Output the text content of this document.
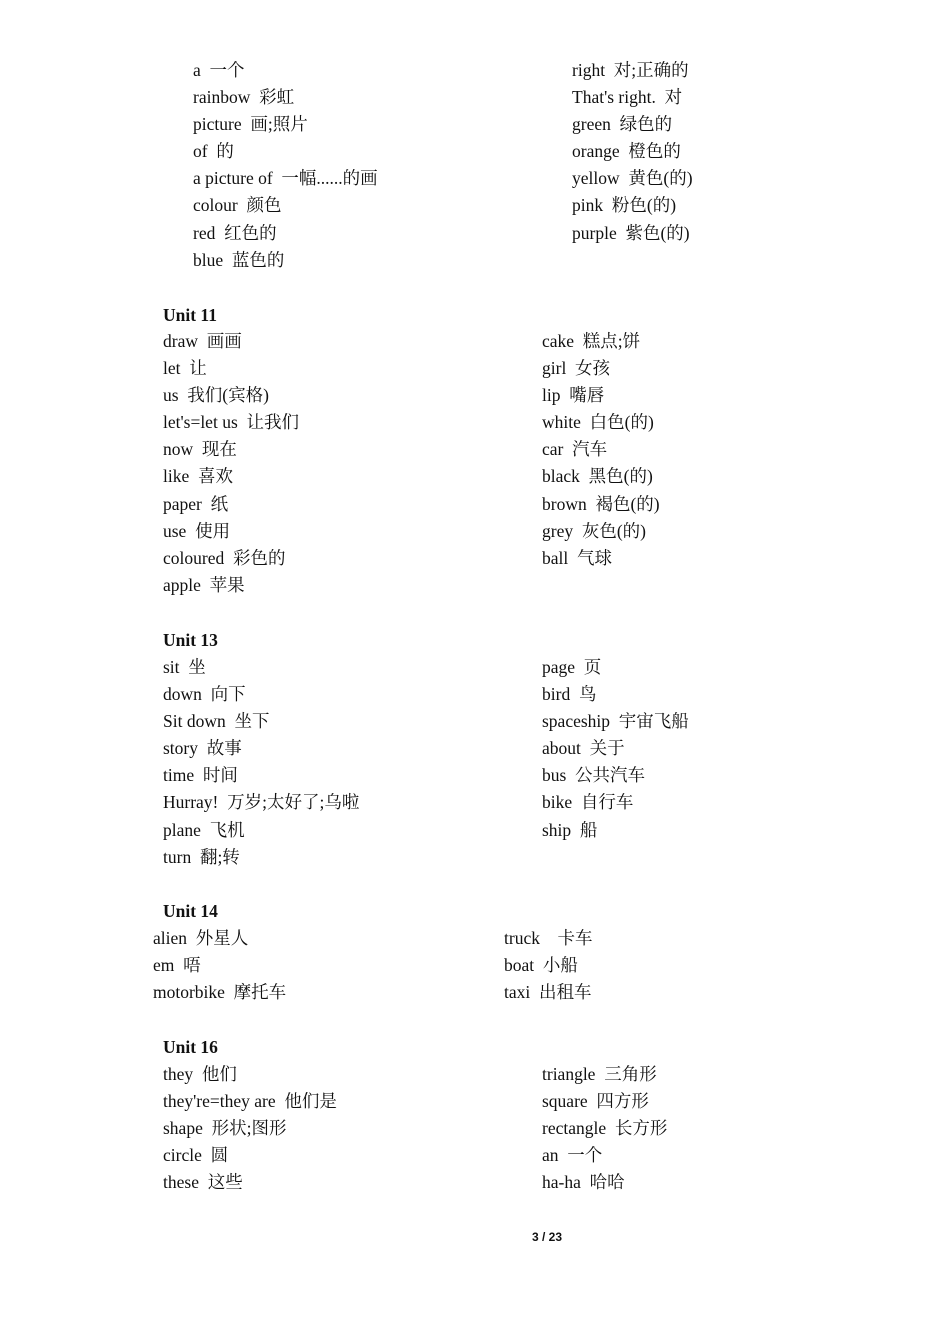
a  一个
rainbow  彩虹
picture  画;照片
of  的
a picture of  一幅......的画
colour  颜色
red  红色的
blue  蓝色的
right  对;正确的
That's right.  对
green  绿色的
orange  橙色的
yellow  黄色(的)
pink  粉色(的)
purple  紫色(的)
Unit 11
draw  画画
let  让
us  我们(宾格)
let's=let us  让我们
now  现在
like  喜欢
paper  纸
use  使用
coloured  彩色的
apple  苹果
cake  糕点;饼
girl  女孩
lip  嘴唇
white  白色(的)
car  汽车
black  黑色(的)
brown  褐色(的)
grey  灰色(的)
ball  气球
Unit 13
sit  坐
down  向下
Sit down  坐下
story  故事
time  时间
Hurray!  万岁;太好了;乌啦
plane  飞机
turn  翻;转
page  页
bird  鸟
spaceship  宇宙飞船
about  关于
bus  公共汽车
bike  自行车
ship  船
Unit 14
alien  外星人
em  唔
motorbike  摩托车
truck    卡车
boat  小船
taxi  出租车
Unit 16
they  他们
they're=they are  他们是
shape  形状;图形
circle  圆
these  这些
triangle  三角形
square  四方形
rectangle  长方形
an  一个
ha-ha  哈哈
3 / 23
